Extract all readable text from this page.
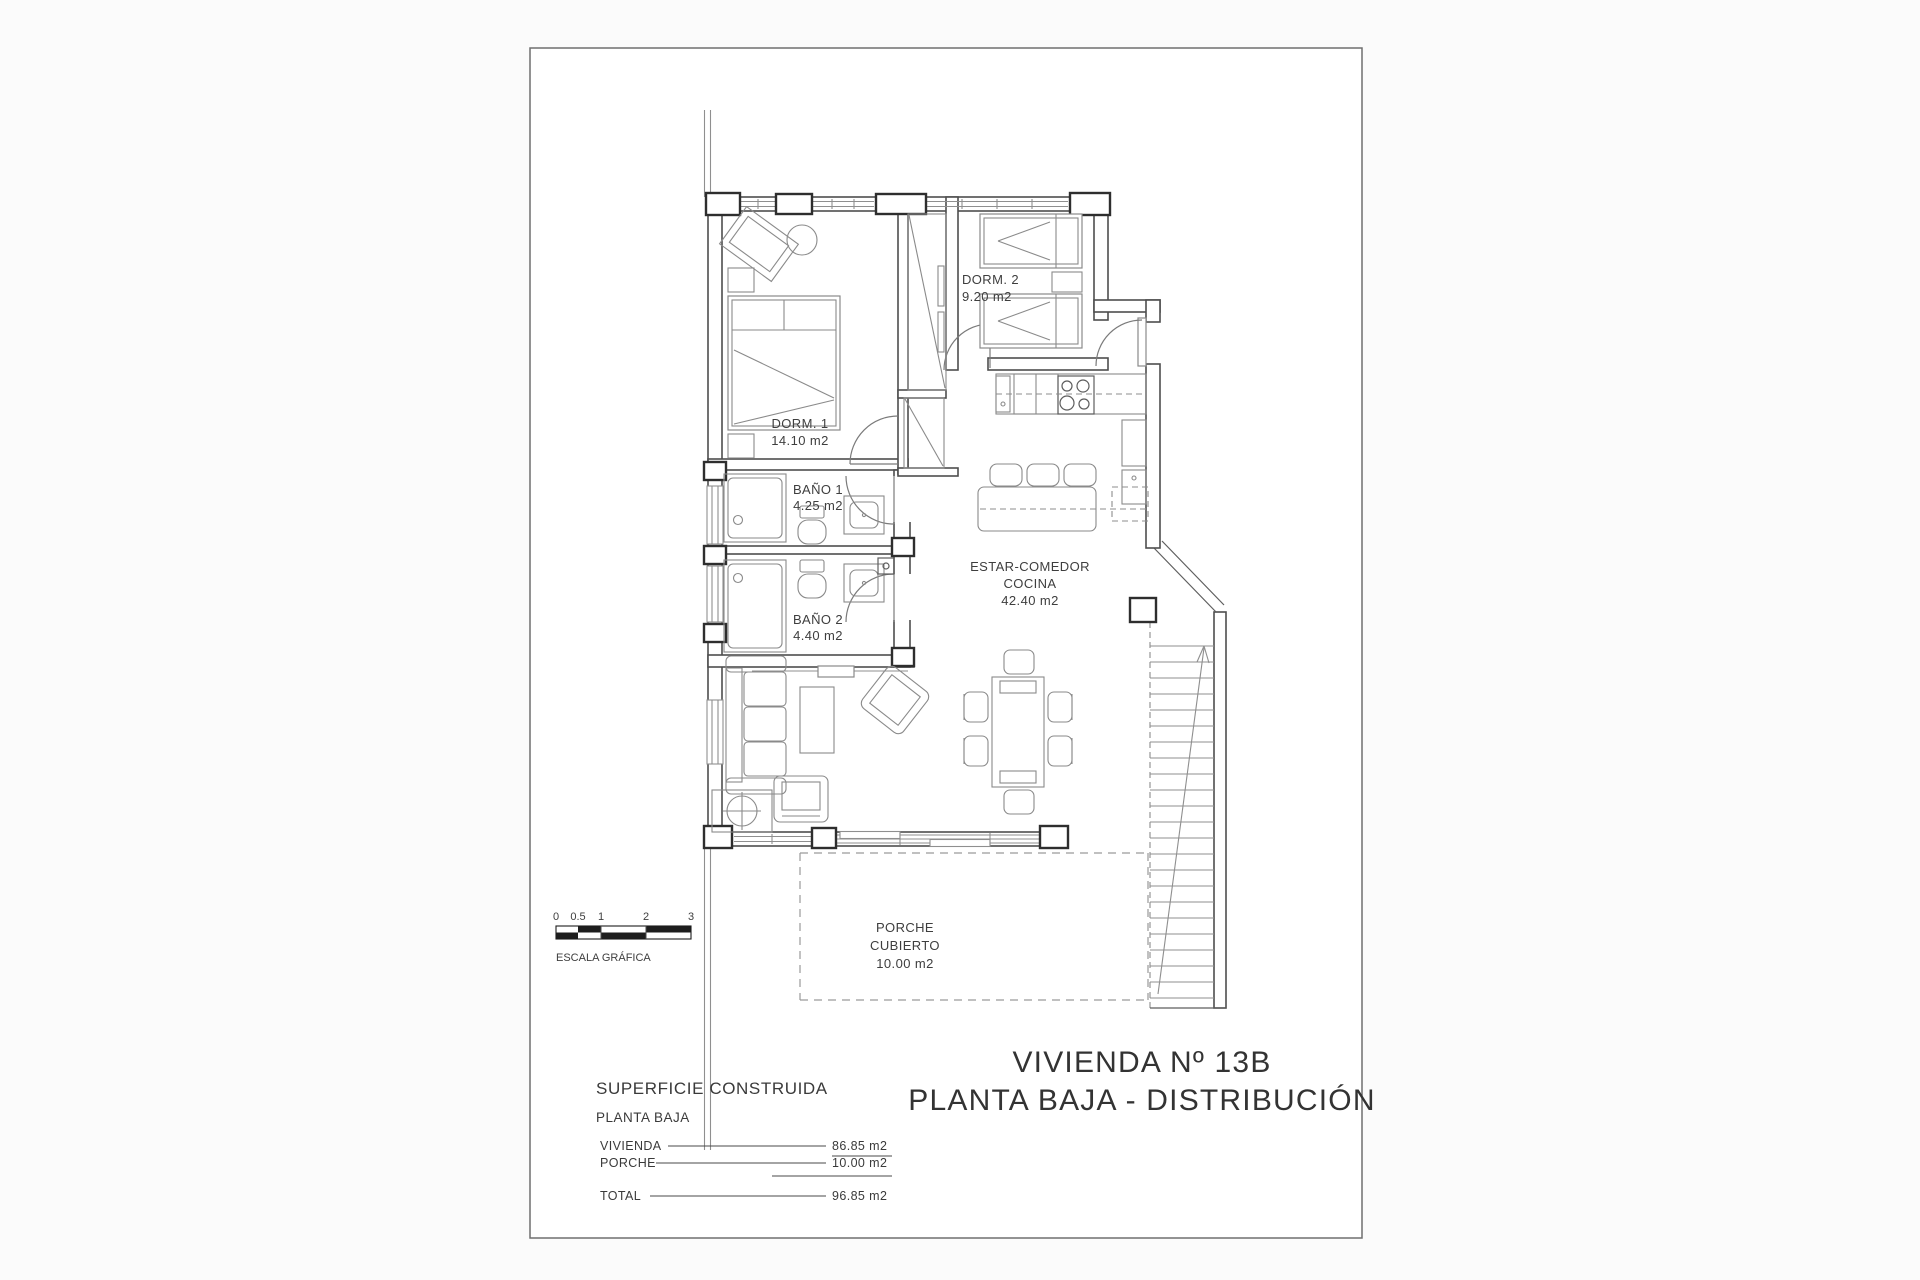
DORM. 1
14.10 m2
DORM. 2
9.20 m2
BAÑO 1
4.25 m2
BAÑO 2
4.40 m2
ESTAR-COMEDOR
COCINA
42.40 m2
PORCHE
CUBIERTO
10.00 m2
0 0.5 1	2	3
ESCALA GRÁFICA
VIVIENDA Nº 13B
PLANTA BAJA - DISTRIBUCIÓN
SUPERFICIE CONSTRUIDA
PLANTA BAJA
VIVIENDA	86.85 m2
PORCHE	10.00 m2
TOTAL	96.85 m2
